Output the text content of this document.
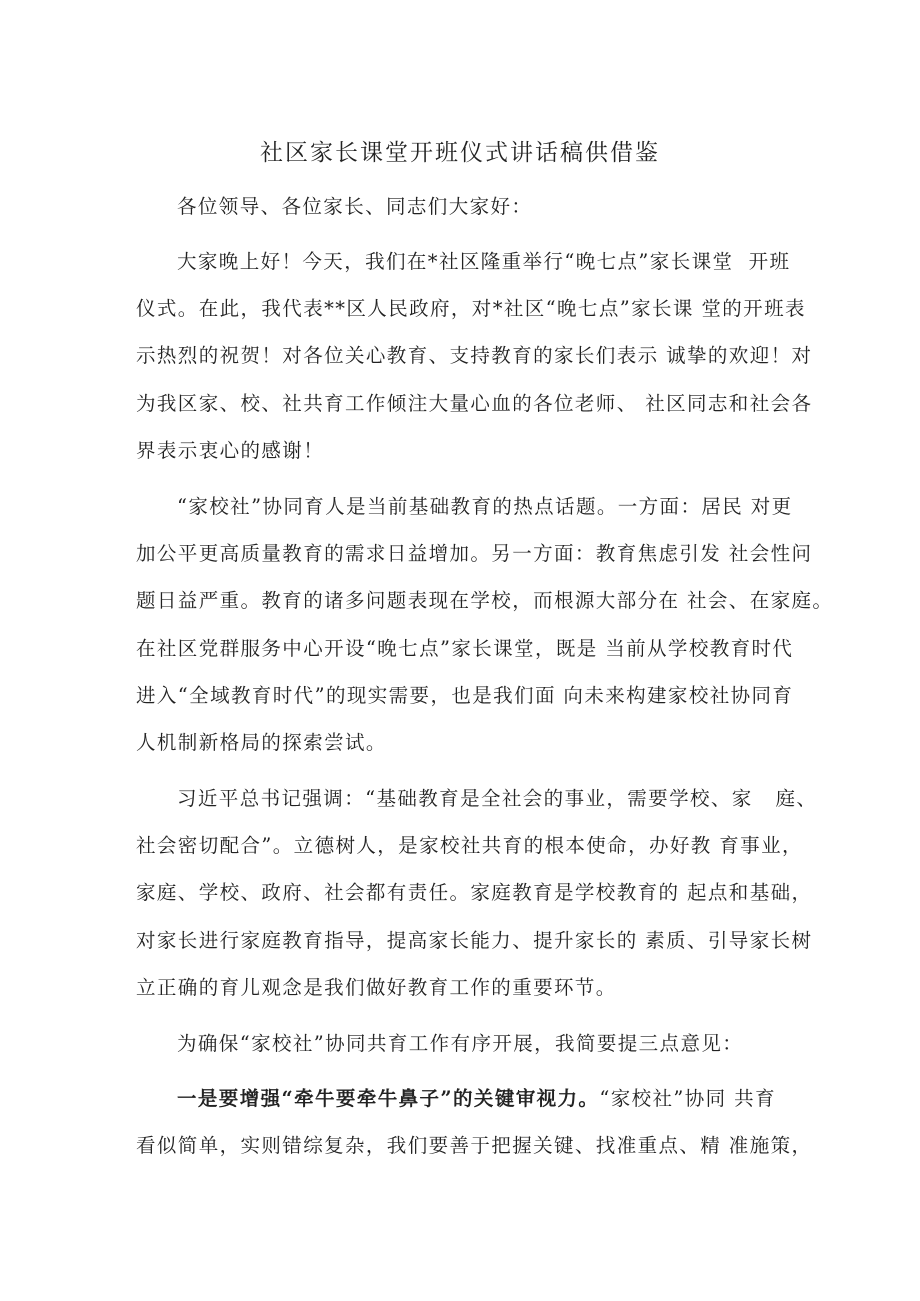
社区家长课堂开班仪式讲话稿供借鉴
各位领导、各位家长、同志们大家好：
大家晚上好！今天，我们在*社区隆重举行“晚七点”家长课堂  开班
仪式。在此，我代表**区人民政府，对*社区“晚七点”家长课 堂的开班表
示热烈的祝贺！对各位关心教育、支持教育的家长们表示 诚挚的欢迎！对
为我区家、校、社共育工作倾注大量心血的各位老师、 社区同志和社会各
界表示衷心的感谢！
“家校社”协同育人是当前基础教育的热点话题。一方面：居民 对更
加公平更高质量教育的需求日益增加。另一方面：教育焦虑引发 社会性问
题日益严重。教育的诸多问题表现在学校，而根源大部分在 社会、在家庭。
在社区党群服务中心开设“晚七点”家长课堂，既是 当前从学校教育时代
进入“全域教育时代”的现实需要，也是我们面 向未来构建家校社协同育
人机制新格局的探索尝试。
习近平总书记强调：“基础教育是全社会的事业，需要学校、家   庭、
社会密切配合”。立德树人，是家校社共育的根本使命，办好教 育事业，
家庭、学校、政府、社会都有责任。家庭教育是学校教育的 起点和基础，
对家长进行家庭教育指导，提高家长能力、提升家长的 素质、引导家长树
立正确的育儿观念是我们做好教育工作的重要环节。
为确保“家校社”协同共育工作有序开展，我简要提三点意见：
一是要增强“牵牛要牵牛鼻子”的关键审视力。“家校社”协同 共育
看似简单，实则错综复杂，我们要善于把握关键、找准重点、精 准施策，
